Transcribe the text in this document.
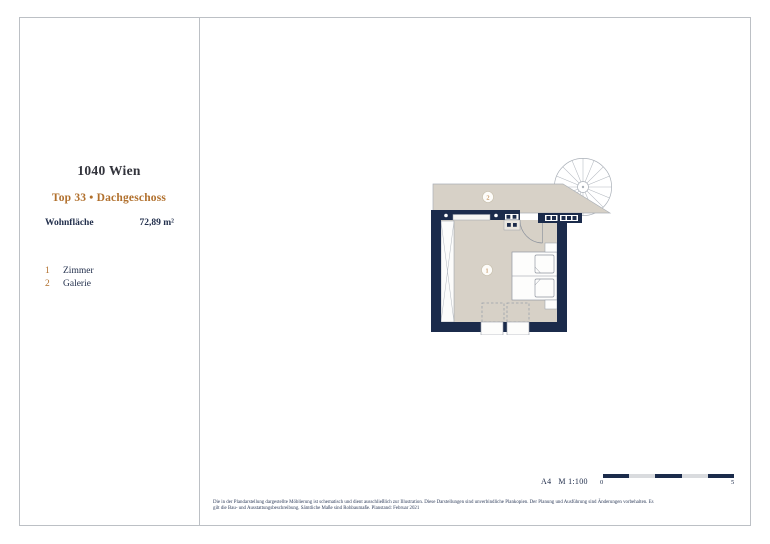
1040 Wien
Top 33 • Dachgeschoss
Wohnfläche	72,89 m²
1	Zimmer
2	Galerie
1
2
A4 M 1:100 0	5
Die in der Plandarstellung dargestellte Möblierung ist schematisch und dient ausschließlich zur Illustration. Diese Darstellungen sind unverbindliche Plankopien. Der Planung und Ausführung sind Änderungen vorbehalten. Es
gilt die Bau- und Ausstattungsbeschreibung. Sämtliche Maße sind Rohbaumaße. Planstand: Februar 2021
